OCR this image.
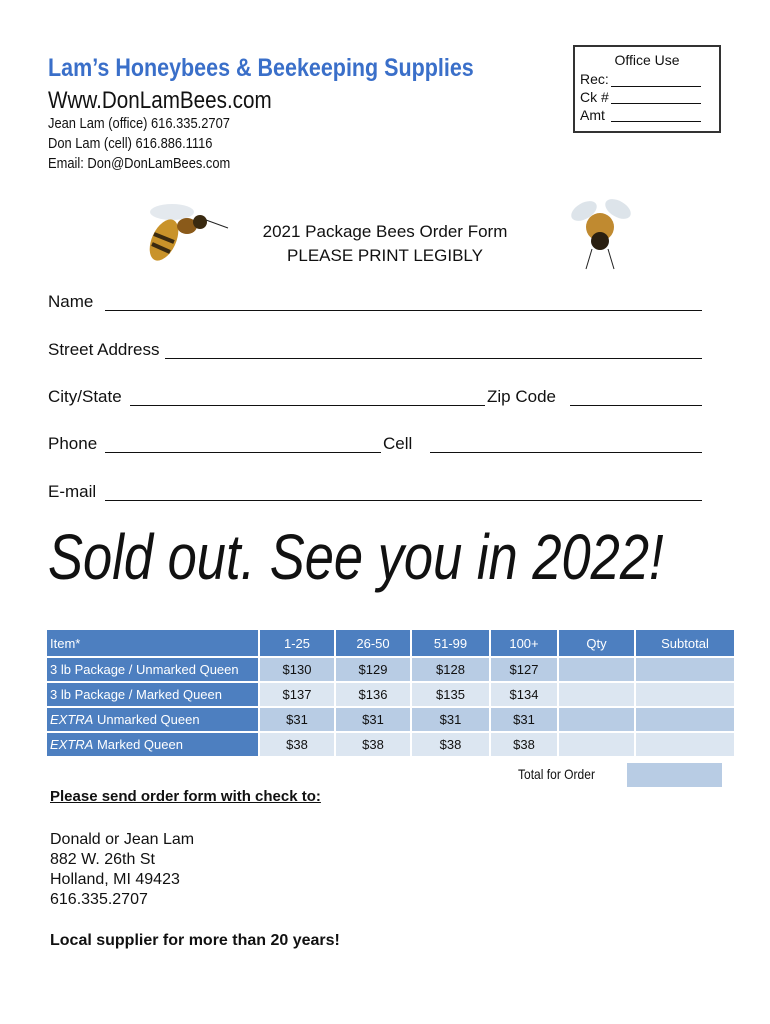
Lam’s Honeybees & Beekeeping Supplies
Www.DonLamBees.com
Jean Lam (office) 616.335.2707
Don Lam (cell) 616.886.1116
Email: Don@DonLamBees.com
Office Use
Rec:
Ck #
Amt
2021 Package Bees Order Form
PLEASE PRINT LEGIBLY
Name
Street Address
City/State	Zip Code
Phone	Cell
E-mail
Sold out. See you in 2022!
Item*	1-25	26-50	51-99	100+	Qty	Subtotal
3 lb Package / Unmarked Queen	$130	$129	$128	$127		
3 lb Package / Marked Queen	$137	$136	$135	$134		
EXTRA Unmarked Queen	$31	$31	$31	$31		
EXTRA Marked Queen	$38	$38	$38	$38		
Total for Order
Please send order form with check to:
Donald or Jean Lam
882 W. 26th St
Holland, MI 49423
616.335.2707
Local supplier for more than 20 years!
